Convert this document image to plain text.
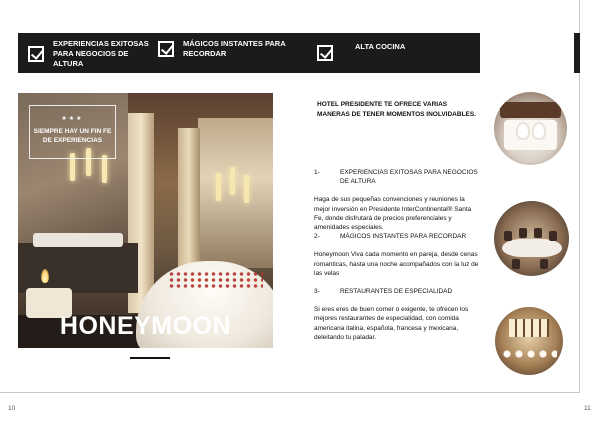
EXPERIENCIAS EXITOSAS PARA NEGOCIOS DE ALTURA
MÁGICOS INSTANTES PARA RECORDAR
ALTA COCINA
★★★
SIEMPRE HAY UN FIN FE DE EXPERIENCIAS
HONEYMOON
HOTEL PRESIDENTE TE OFRECE VARIAS MANERAS DE TENER MOMENTOS INOLVIDABLES.
1-	EXPERIENCIAS EXITOSAS PARA NEGOCIOS DE ALTURA
Haga de sus pequeñas convenciones y reuniones la mejor inversión en Presidente InterContinental® Santa Fe, donde disfrutará de precios preferenciales y amenidades especiales.
2-	MÁGICOS INSTANTES PARA RECORDAR
Honeymoon Viva cada momento en pareja, desde cenas romanticas, hasta una noche acompañados con la luz de las velas
3-	RESTAURANTES DE ESPECIALIDAD
Si eres eres de buen comer o exigente, te ofrecen los mejores restaurantes de especialidad, con comida americana italina, española, francesa y mexicana, deleitando tu paladar.
10	11
